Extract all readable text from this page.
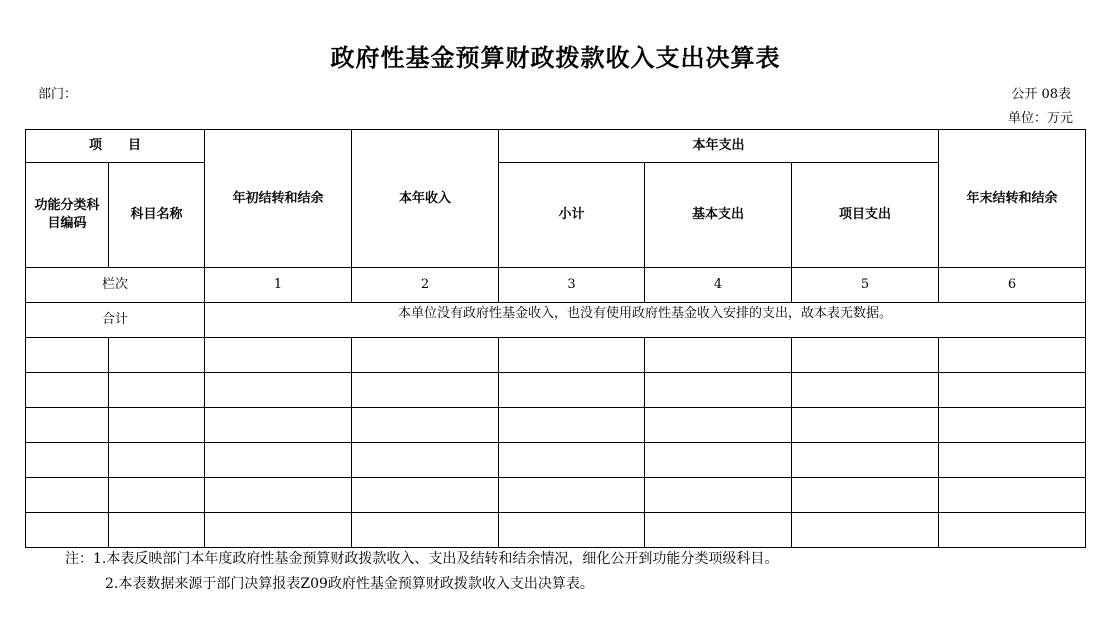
政府性基金预算财政拨款收入支出决算表
部门：	公开 08表
单位：万元
项　　目		年初结转和结余	本年收入	本年支出			年末结转和结余
功能分类科目编码	科目名称			小计	基本支出	项目支出	
栏次		1	2	3	4	5	6
合计		本单位没有政府性基金收入，也没有使用政府性基金收入安排的支出，故本表无数据。					

注：1.本表反映部门本年度政府性基金预算财政拨款收入、支出及结转和结余情况，细化公开到功能分类项级科目。
2.本表数据来源于部门决算报表Z09政府性基金预算财政拨款收入支出决算表。
